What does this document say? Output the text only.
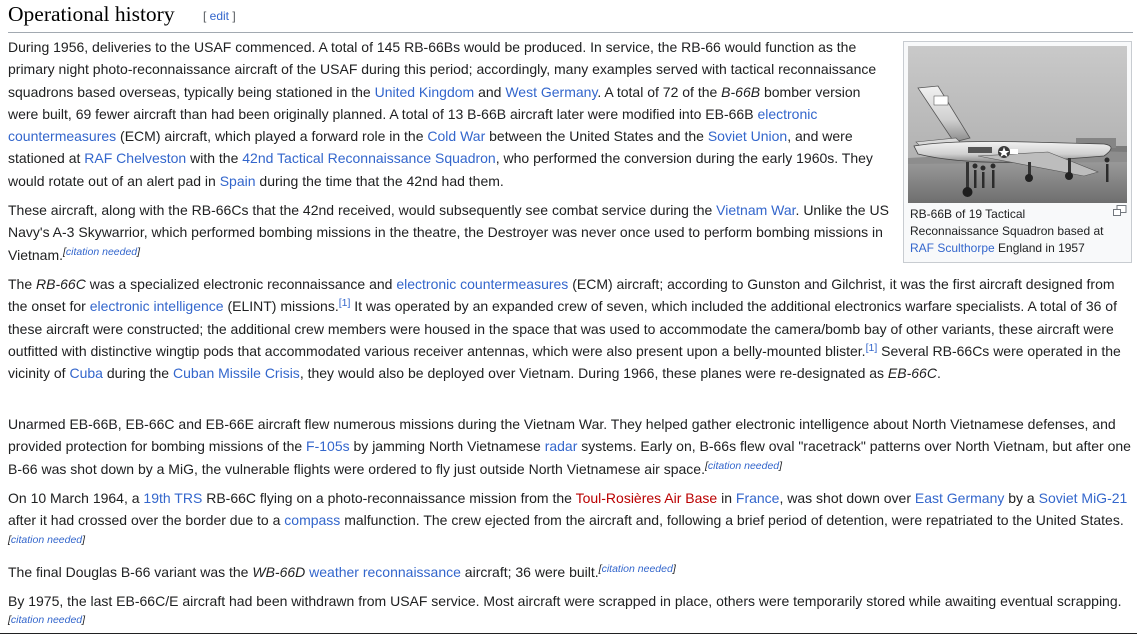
Operational history [ edit ]
RB-66B of 19 Tactical Reconnaissance Squadron based at RAF Sculthorpe England in 1957

During 1956, deliveries to the USAF commenced. A total of 145 RB-66Bs would be produced. In service, the RB-66 would function as the primary night photo-reconnaissance aircraft of the USAF during this period; accordingly, many examples served with tactical reconnaissance squadrons based overseas, typically being stationed in the United Kingdom and West Germany. A total of 72 of the B-66B bomber version were built, 69 fewer aircraft than had been originally planned. A total of 13 B-66B aircraft later were modified into EB-66B electronic countermeasures (ECM) aircraft, which played a forward role in the Cold War between the United States and the Soviet Union, and were stationed at RAF Chelveston with the 42nd Tactical Reconnaissance Squadron, who performed the conversion during the early 1960s. They would rotate out of an alert pad in Spain during the time that the 42nd had them.

These aircraft, along with the RB-66Cs that the 42nd received, would subsequently see combat service during the Vietnam War. Unlike the US Navy's A-3 Skywarrior, which performed bombing missions in the theatre, the Destroyer was never once used to perform bombing missions in Vietnam.[citation needed]

The RB-66C was a specialized electronic reconnaissance and electronic countermeasures (ECM) aircraft; according to Gunston and Gilchrist, it was the first aircraft designed from the onset for electronic intelligence (ELINT) missions.[1] It was operated by an expanded crew of seven, which included the additional electronics warfare specialists. A total of 36 of these aircraft were constructed; the additional crew members were housed in the space that was used to accommodate the camera/bomb bay of other variants, these aircraft were outfitted with distinctive wingtip pods that accommodated various receiver antennas, which were also present upon a belly-mounted blister.[1] Several RB-66Cs were operated in the vicinity of Cuba during the Cuban Missile Crisis, they would also be deployed over Vietnam. During 1966, these planes were re-designated as EB-66C.

Unarmed EB-66B, EB-66C and EB-66E aircraft flew numerous missions during the Vietnam War. They helped gather electronic intelligence about North Vietnamese defenses, and provided protection for bombing missions of the F-105s by jamming North Vietnamese radar systems. Early on, B-66s flew oval "racetrack" patterns over North Vietnam, but after one B-66 was shot down by a MiG, the vulnerable flights were ordered to fly just outside North Vietnamese air space.[citation needed]

On 10 March 1964, a 19th TRS RB-66C flying on a photo-reconnaissance mission from the Toul-Rosières Air Base in France, was shot down over East Germany by a Soviet MiG-21 after it had crossed over the border due to a compass malfunction. The crew ejected from the aircraft and, following a brief period of detention, were repatriated to the United States.[citation needed]

The final Douglas B-66 variant was the WB-66D weather reconnaissance aircraft; 36 were built.[citation needed]

By 1975, the last EB-66C/E aircraft had been withdrawn from USAF service. Most aircraft were scrapped in place, others were temporarily stored while awaiting eventual scrapping.[citation needed]
